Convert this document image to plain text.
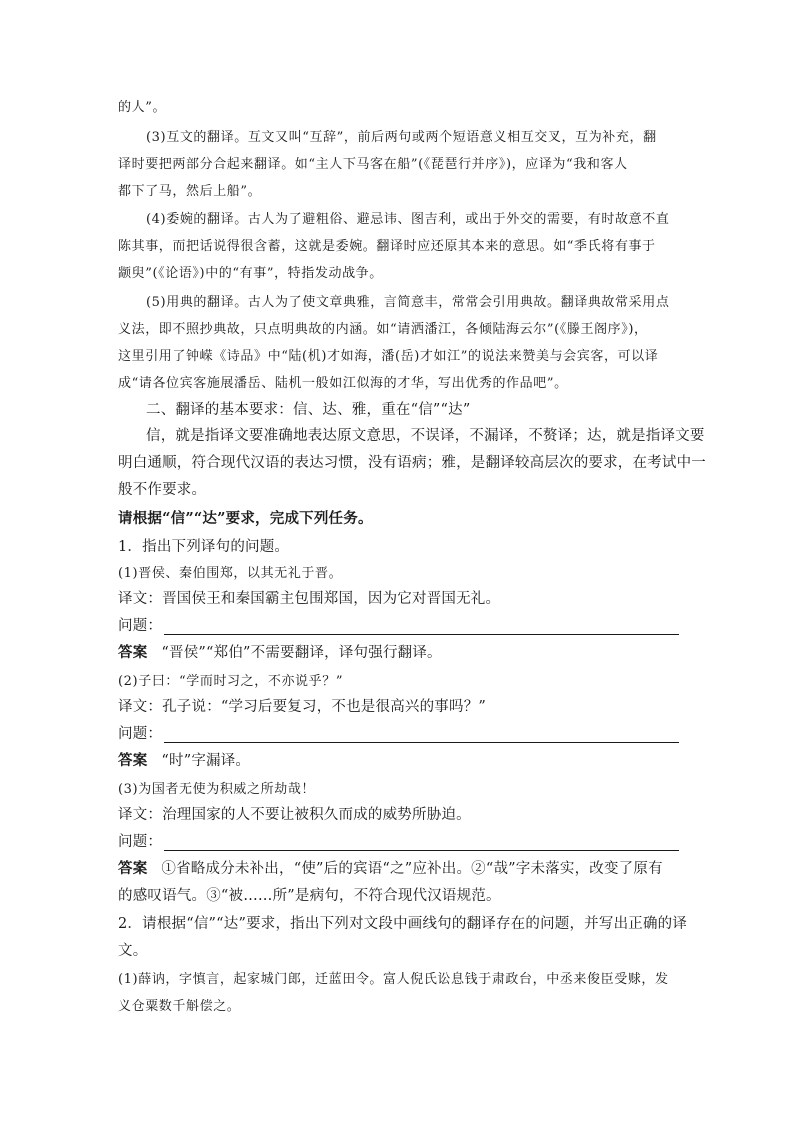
的人”。
(3)互文的翻译。互文又叫“互辞”，前后两句或两个短语意义相互交叉，互为补充，翻
译时要把两部分合起来翻译。如“主人下马客在船”(《琵琶行并序》)，应译为“我和客人
都下了马，然后上船”。
(4)委婉的翻译。古人为了避粗俗、避忌讳、图吉利，或出于外交的需要，有时故意不直
陈其事，而把话说得很含蓄，这就是委婉。翻译时应还原其本来的意思。如“季氏将有事于
颛臾”(《论语》)中的“有事”，特指发动战争。
(5)用典的翻译。古人为了使文章典雅，言简意丰，常常会引用典故。翻译典故常采用点
义法，即不照抄典故，只点明典故的内涵。如“请洒潘江，各倾陆海云尔”(《滕王阁序》)，
这里引用了钟嵘《诗品》中“陆(机)才如海，潘(岳)才如江”的说法来赞美与会宾客，可以译
成“请各位宾客施展潘岳、陆机一般如江似海的才华，写出优秀的作品吧”。
二、翻译的基本要求：信、达、雅，重在“信”“达”
信，就是指译文要准确地表达原文意思，不误译，不漏译，不赘译；达，就是指译文要
明白通顺，符合现代汉语的表达习惯，没有语病；雅，是翻译较高层次的要求，在考试中一
般不作要求。
请根据“信”“达”要求，完成下列任务。
1．指出下列译句的问题。
(1)晋侯、秦伯围郑，以其无礼于晋。
译文：晋国侯王和秦国霸主包围郑国，因为它对晋国无礼。
问题：
答案 “晋侯”“郑伯”不需要翻译，译句强行翻译。
(2)子曰：“学而时习之，不亦说乎？”
译文：孔子说：“学习后要复习，不也是很高兴的事吗？”
问题：
答案 “时”字漏译。
(3)为国者无使为积威之所劫哉！
译文：治理国家的人不要让被积久而成的威势所胁迫。
问题：
答案 ①省略成分未补出，“使”后的宾语“之”应补出。②“哉”字未落实，改变了原有
的感叹语气。③“被……所”是病句，不符合现代汉语规范。
2．请根据“信”“达”要求，指出下列对文段中画线句的翻译存在的问题，并写出正确的译
文。
(1)薛讷，字慎言，起家城门郎，迁蓝田令。富人倪氏讼息钱于肃政台，中丞来俊臣受赇，发
义仓粟数千斛偿之。
